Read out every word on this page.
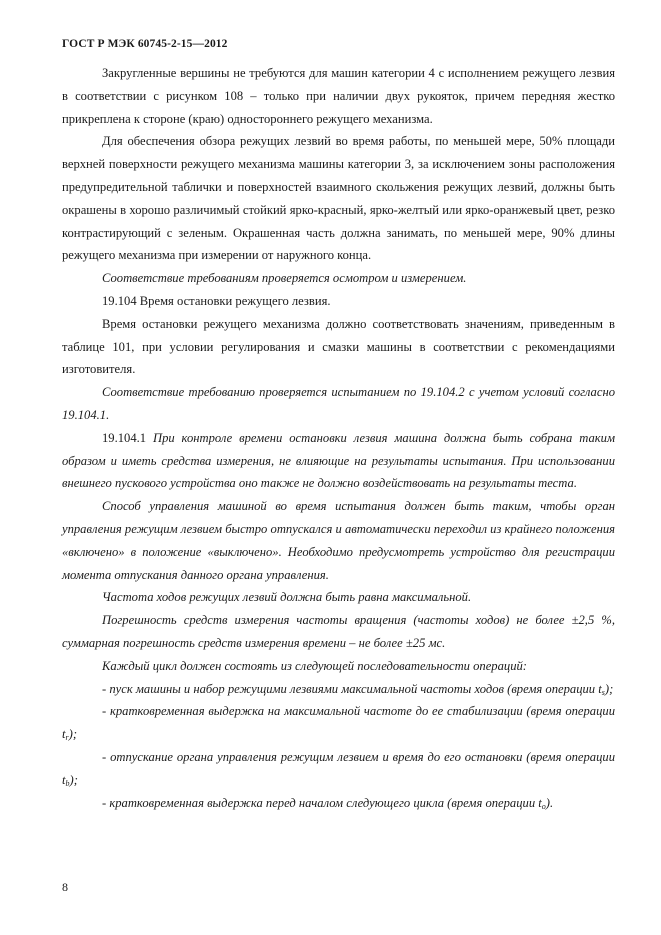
ГОСТ Р МЭК 60745-2-15—2012

Закругленные вершины не требуются для машин категории 4 с исполнением режущего лезвия в соответствии с рисунком 108 – только при наличии двух рукояток, причем передняя жестко прикреплена к стороне (краю) одностороннего режущего механизма.

Для обеспечения обзора режущих лезвий во время работы, по меньшей мере, 50% площади верхней поверхности режущего механизма машины категории 3, за исключением зоны расположения предупредительной таблички и поверхностей взаимного скольжения режущих лезвий, должны быть окрашены в хорошо различимый стойкий ярко-красный, ярко-желтый или ярко-оранжевый цвет, резко контрастирующий с зеленым. Окрашенная часть должна занимать, по меньшей мере, 90% длины режущего механизма при измерении от наружного конца.

Соответствие требованиям проверяется осмотром и измерением.

19.104 Время остановки режущего лезвия.

Время остановки режущего механизма должно соответствовать значениям, приведенным в таблице 101, при условии регулирования и смазки машины в соответствии с рекомендациями изготовителя.

Соответствие требованию проверяется испытанием по 19.104.2 с учетом условий согласно 19.104.1.

19.104.1 При контроле времени остановки лезвия машина должна быть собрана таким образом и иметь средства измерения, не влияющие на результаты испытания. При использовании внешнего пускового устройства оно также не должно воздействовать на результаты теста.

Способ управления машиной во время испытания должен быть таким, чтобы орган управления режущим лезвием быстро отпускался и автоматически переходил из крайнего положения «включено» в положение «выключено». Необходимо предусмотреть устройство для регистрации момента отпускания данного органа управления.

Частота ходов режущих лезвий должна быть равна максимальной.

Погрешность средств измерения частоты вращения (частоты ходов) не более ±2,5 %, суммарная погрешность средств измерения времени – не более ±25 мс.

Каждый цикл должен состоять из следующей последовательности операций:

- пуск машины и набор режущими лезвиями максимальной частоты ходов (время операции $t_s$);

- кратковременная выдержка на максимальной частоте до ее стабилизации (время операции $t_r$);

- отпускание органа управления режущим лезвием и время до его остановки (время операции $t_b$);

- кратковременная выдержка перед началом следующего цикла (время операции $t_o$).

8
